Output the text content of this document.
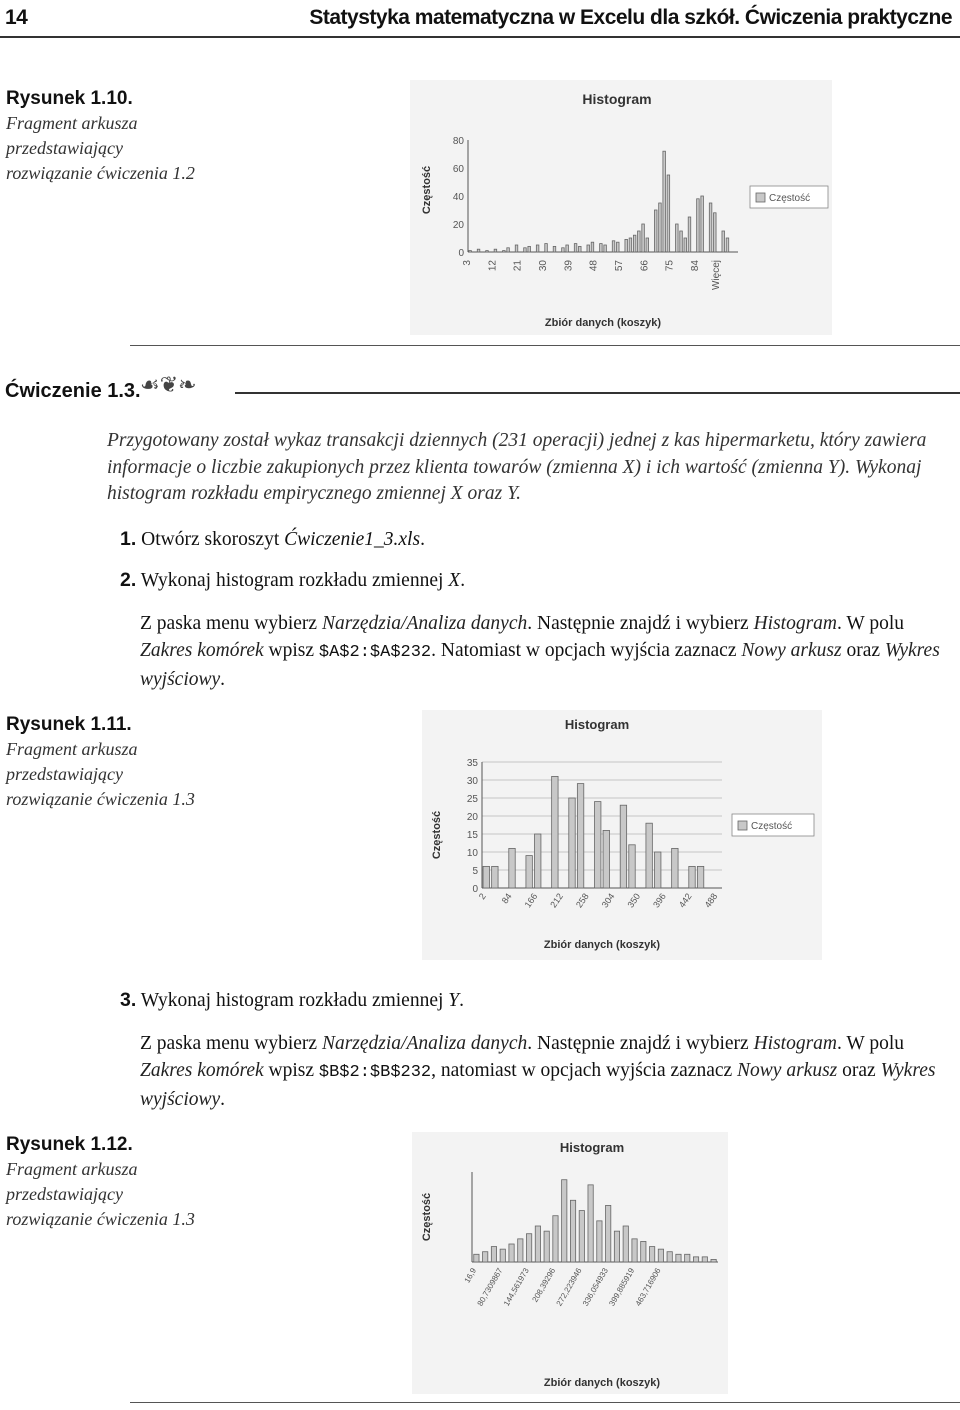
14	Statystyka matematyczna w Excelu dla szkół. Ćwiczenia praktyczne
Rysunek 1.10.
Fragment arkusza
przedstawiający
rozwiązanie ćwiczenia 1.2
Histogram
Częstość
Zbiór danych (koszyk)
0
20
40
60
80
3 12 21 30 39 48 57 66 75 84 Więcej
Częstość
Ćwiczenie 1.3. ☙❦❧
Przygotowany został wykaz transakcji dziennych (231 operacji) jednej z kas hipermarketu, który zawiera informacje o liczbie zakupionych przez klienta towarów (zmienna X) i ich wartość (zmienna Y). Wykonaj histogram rozkładu empirycznego zmiennej X oraz Y.
1. Otwórz skoroszyt Ćwiczenie1_3.xls.
2. Wykonaj histogram rozkładu zmiennej X.
Z paska menu wybierz Narzędzia/Analiza danych. Następnie znajdź i wybierz Histogram. W polu Zakres komórek wpisz $A$2:$A$232. Natomiast w opcjach wyjścia zaznacz Nowy arkusz oraz Wykres wyjściowy.
Rysunek 1.11.
Fragment arkusza
przedstawiający
rozwiązanie ćwiczenia 1.3
Histogram
Częstość
Zbiór danych (koszyk)
0
5
10
15
20
25
30
35
2 84 166 212 258 304 350 396 442 488
Częstość
3. Wykonaj histogram rozkładu zmiennej Y.
Z paska menu wybierz Narzędzia/Analiza danych. Następnie znajdź i wybierz Histogram. W polu Zakres komórek wpisz $B$2:$B$232, natomiast w opcjach wyjścia zaznacz Nowy arkusz oraz Wykres wyjściowy.
Rysunek 1.12.
Fragment arkusza
przedstawiający
rozwiązanie ćwiczenia 1.3
Histogram
Częstość
Zbiór danych (koszyk)
16,9
80,7309867
144,561973 208,39296
272,223946
336,054933
399,885919
463,716906
